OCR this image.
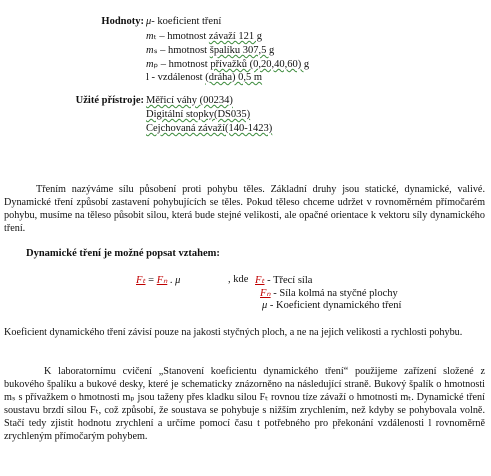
Hodnoty: μ- koeficient tření
mₜ – hmotnost závaží 121 g
mₛ – hmotnost špalíku 307,5 g
mₚ – hmotnost přívažků (0,20,40,60) g
l - vzdálenost (dráha) 0,5 m
Užité přístroje: Měřicí váhy (00234)
Digitální stopky(DS035)
Cejchovaná závaží(140-1423)
Třením nazýváme sílu působení proti pohybu těles. Základní druhy jsou statické, dynamické, valivé. Dynamické tření způsobí zastavení pohybujících se těles. Pokud těleso chceme udržet v rovnoměrném přímočarém pohybu, musíme na těleso působit silou, která bude stejné velikosti, ale opačné orientace k vektoru síly dynamického tření.
Dynamické tření je možné popsat vztahem:
Fₜ = Fₙ . μ	, kde Fₜ - Třecí síla
Fₙ - Síla kolmá na styčné plochy
μ - Koeficient dynamického tření
Koeficient dynamického tření závisí pouze na jakosti styčných ploch, a ne na jejich velikosti a rychlosti pohybu.
K laboratornímu cvičení „Stanovení koeficientu dynamického tření“ použijeme zařízení složené z bukového špalíku a bukové desky, které je schematicky znázorněno na následující straně. Bukový špalík o hmotnosti mₛ s přívažkem o hmotnosti mₚ jsou taženy přes kladku silou Fₜ rovnou tíze závaží o hmotnosti mₜ. Dynamické tření soustavu brzdí silou Fₜ, což způsobí, že soustava se pohybuje s nižším zrychlením, než kdyby se pohybovala volně. Stačí tedy zjistit hodnotu zrychlení a určíme pomocí času t potřebného pro překonání vzdálenosti l rovnoměrně zrychleným přímočarým pohybem.
